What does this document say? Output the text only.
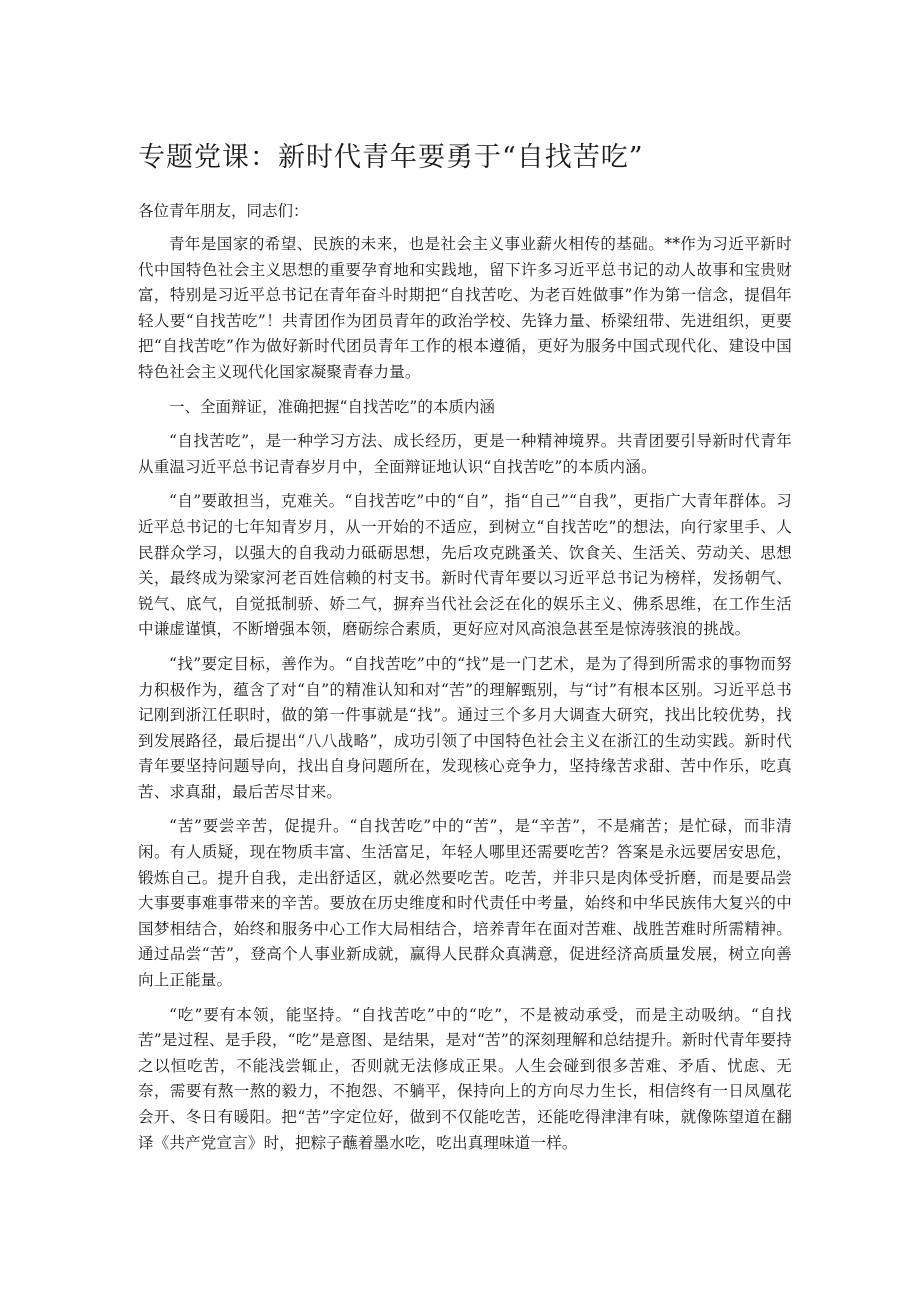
专题党课：新时代青年要勇于“自找苦吃”

各位青年朋友，同志们：

青年是国家的希望、民族的未来，也是社会主义事业薪火相传的基础。**作为习近平新时代中国特色社会主义思想的重要孕育地和实践地，留下许多习近平总书记的动人故事和宝贵财富，特别是习近平总书记在青年奋斗时期把“自找苦吃、为老百姓做事”作为第一信念，提倡年轻人要“自找苦吃”！共青团作为团员青年的政治学校、先锋力量、桥梁纽带、先进组织，更要把“自找苦吃”作为做好新时代团员青年工作的根本遵循，更好为服务中国式现代化、建设中国特色社会主义现代化国家凝聚青春力量。

一、全面辩证，准确把握“自找苦吃”的本质内涵

“自找苦吃”，是一种学习方法、成长经历，更是一种精神境界。共青团要引导新时代青年从重温习近平总书记青春岁月中，全面辩证地认识“自找苦吃”的本质内涵。

“自”要敢担当，克难关。“自找苦吃”中的“自”，指“自己”“自我”，更指广大青年群体。习近平总书记的七年知青岁月，从一开始的不适应，到树立“自找苦吃”的想法，向行家里手、人民群众学习，以强大的自我动力砥砺思想，先后攻克跳蚤关、饮食关、生活关、劳动关、思想关，最终成为梁家河老百姓信赖的村支书。新时代青年要以习近平总书记为榜样，发扬朝气、锐气、底气，自觉抵制骄、娇二气，摒弃当代社会泛在化的娱乐主义、佛系思维，在工作生活中谦虚谨慎，不断增强本领，磨砺综合素质，更好应对风高浪急甚至是惊涛骇浪的挑战。

“找”要定目标，善作为。“自找苦吃”中的“找”是一门艺术，是为了得到所需求的事物而努力积极作为，蕴含了对“自”的精准认知和对“苦”的理解甄别，与“讨”有根本区别。习近平总书记刚到浙江任职时，做的第一件事就是“找”。通过三个多月大调查大研究，找出比较优势，找到发展路径，最后提出“八八战略”，成功引领了中国特色社会主义在浙江的生动实践。新时代青年要坚持问题导向，找出自身问题所在，发现核心竞争力，坚持缘苦求甜、苦中作乐，吃真苦、求真甜，最后苦尽甘来。

“苦”要尝辛苦，促提升。“自找苦吃”中的“苦”，是“辛苦”，不是痛苦；是忙碌，而非清闲。有人质疑，现在物质丰富、生活富足，年轻人哪里还需要吃苦？答案是永远要居安思危，锻炼自己。提升自我，走出舒适区，就必然要吃苦。吃苦，并非只是肉体受折磨，而是要品尝大事要事难事带来的辛苦。要放在历史维度和时代责任中考量，始终和中华民族伟大复兴的中国梦相结合，始终和服务中心工作大局相结合，培养青年在面对苦难、战胜苦难时所需精神。通过品尝“苦”，登高个人事业新成就，赢得人民群众真满意，促进经济高质量发展，树立向善向上正能量。

“吃”要有本领，能坚持。“自找苦吃”中的“吃”，不是被动承受，而是主动吸纳。“自找苦”是过程、是手段，“吃”是意图、是结果，是对“苦”的深刻理解和总结提升。新时代青年要持之以恒吃苦，不能浅尝辄止，否则就无法修成正果。人生会碰到很多苦难、矛盾、忧虑、无奈，需要有熬一熬的毅力，不抱怨、不躺平，保持向上的方向尽力生长，相信终有一日凤凰花会开、冬日有暖阳。把“苦”字定位好，做到不仅能吃苦，还能吃得津津有味，就像陈望道在翻译《共产党宣言》时，把粽子蘸着墨水吃，吃出真理味道一样。
